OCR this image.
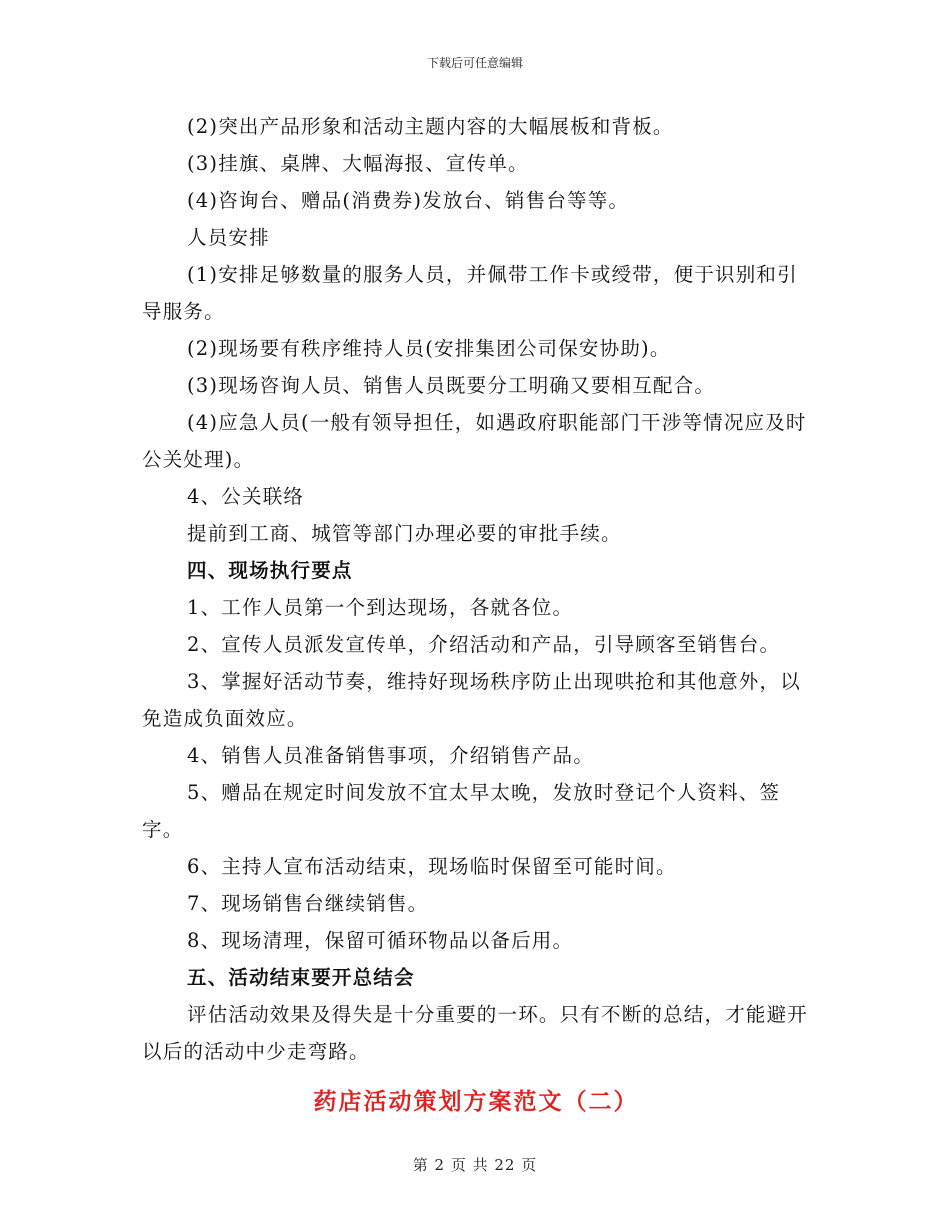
下载后可任意编辑

(2)突出产品形象和活动主题内容的大幅展板和背板。

(3)挂旗、桌牌、大幅海报、宣传单。

(4)咨询台、赠品(消费券)发放台、销售台等等。

人员安排

(1)安排足够数量的服务人员，并佩带工作卡或绶带，便于识别和引导服务。

(2)现场要有秩序维持人员(安排集团公司保安协助)。

(3)现场咨询人员、销售人员既要分工明确又要相互配合。

(4)应急人员(一般有领导担任，如遇政府职能部门干涉等情况应及时公关处理)。

4、公关联络

提前到工商、城管等部门办理必要的审批手续。

四、现场执行要点

1、工作人员第一个到达现场，各就各位。

2、宣传人员派发宣传单，介绍活动和产品，引导顾客至销售台。

3、掌握好活动节奏，维持好现场秩序防止出现哄抢和其他意外，以免造成负面效应。

4、销售人员准备销售事项，介绍销售产品。

5、赠品在规定时间发放不宜太早太晚，发放时登记个人资料、签字。

6、主持人宣布活动结束，现场临时保留至可能时间。

7、现场销售台继续销售。

8、现场清理，保留可循环物品以备后用。

五、活动结束要开总结会

评估活动效果及得失是十分重要的一环。只有不断的总结，才能避开以后的活动中少走弯路。

药店活动策划方案范文（二）
第 2 页 共 22 页
